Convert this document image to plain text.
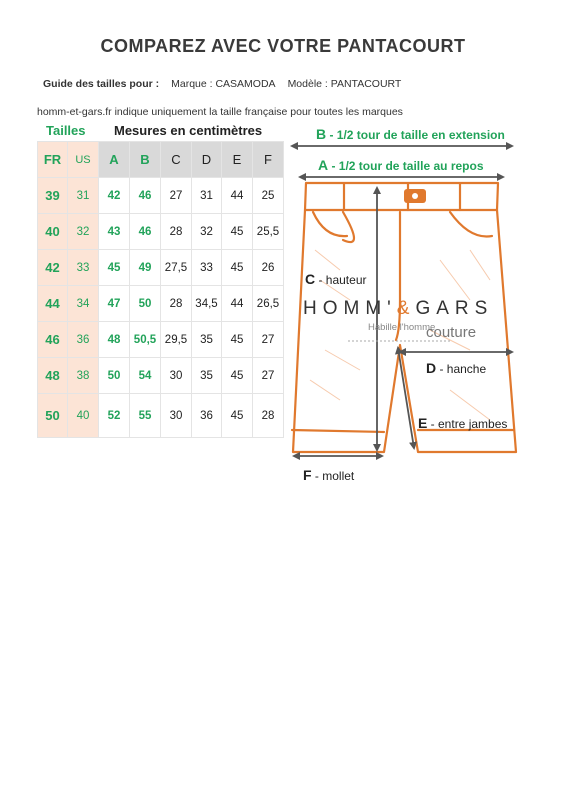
COMPAREZ AVEC VOTRE PANTACOURT
Guide des tailles pour : Marque : CASAMODA Modèle : PANTACOURT
homm-et-gars.fr indique uniquement la taille française pour toutes les marques
Tailles Mesures en centimètres
FR	US	A	B	C	D	E	F
39	31	42	46	27	31	44	25
40	32	43	46	28	32	45	25,5
42	33	45	49	27,5	33	45	26
44	34	47	50	28	34,5	44	26,5
46	36	48	50,5	29,5	35	45	27
48	38	50	54	30	35	45	27
50	40	52	55	30	36	45	28
B - 1/2 tour de taille en extension
A - 1/2 tour de taille au repos
C - hauteur
D - hanche
E - entre jambes
F - mollet
HOMM'&GARS
Habille l'homme
couture
